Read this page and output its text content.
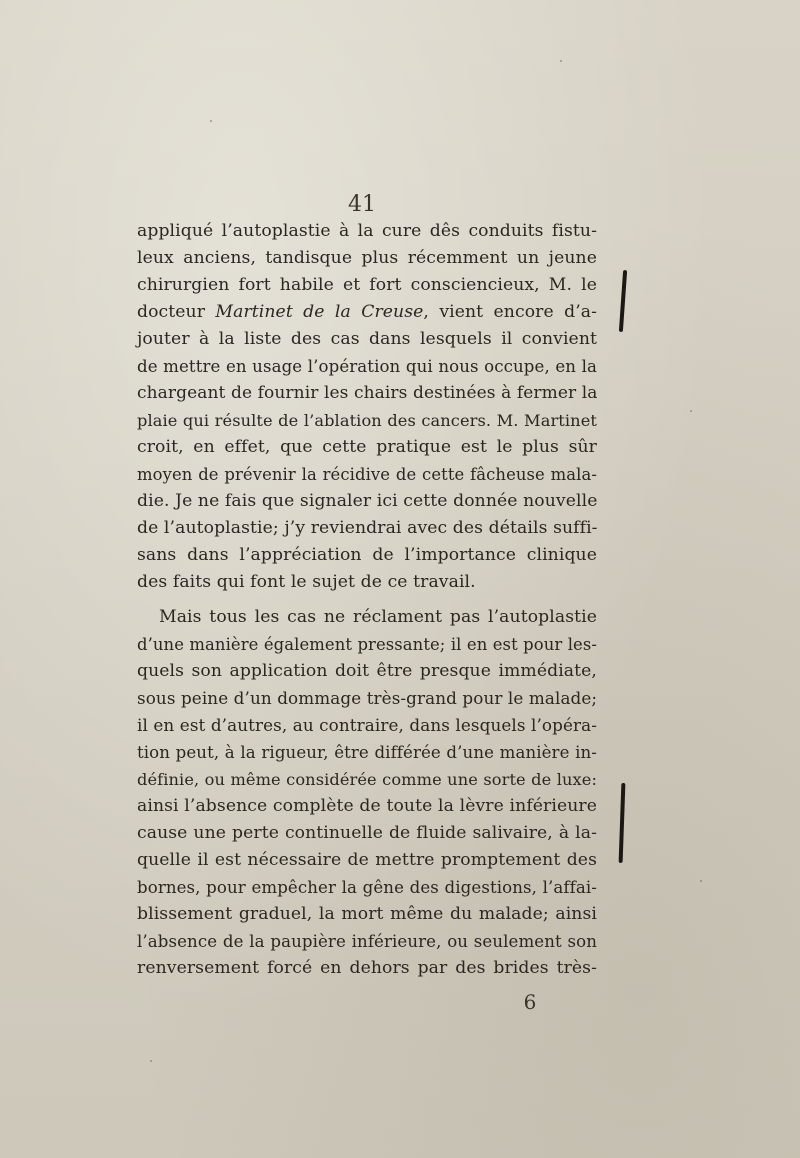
41
appliqué l’autoplastie à la cure dês conduits fistu-
leux anciens, tandisque plus récemment un jeune
chirurgien fort habile et fort consciencieux, M. le
docteur Martinet de la Creuse, vient encore d’a-
jouter à la liste des cas dans lesquels il convient
de mettre en usage l’opération qui nous occupe, en la
chargeant de fournir les chairs destinées à fermer la
plaie qui résulte de l’ablation des cancers. M. Martinet
croit, en effet, que cette pratique est le plus sûr
moyen de prévenir la récidive de cette fâcheuse mala-
die. Je ne fais que signaler ici cette donnée nouvelle
de l’autoplastie; j’y reviendrai avec des détails suffi-
sans dans l’appréciation de l’importance clinique
des faits qui font le sujet de ce travail.
Mais tous les cas ne réclament pas l’autoplastie
d’une manière également pressante; il en est pour les-
quels son application doit être presque immédiate,
sous peine d’un dommage très-grand pour le malade;
il en est d’autres, au contraire, dans lesquels l’opéra-
tion peut, à la rigueur, être différée d’une manière in-
définie, ou même considérée comme une sorte de luxe:
ainsi l’absence complète de toute la lèvre inférieure
cause une perte continuelle de fluide salivaire, à la-
quelle il est nécessaire de mettre promptement des
bornes, pour empêcher la gêne des digestions, l’affai-
blissement graduel, la mort même du malade; ainsi
l’absence de la paupière inférieure, ou seulement son
renversement forcé en dehors par des brides très-
6
